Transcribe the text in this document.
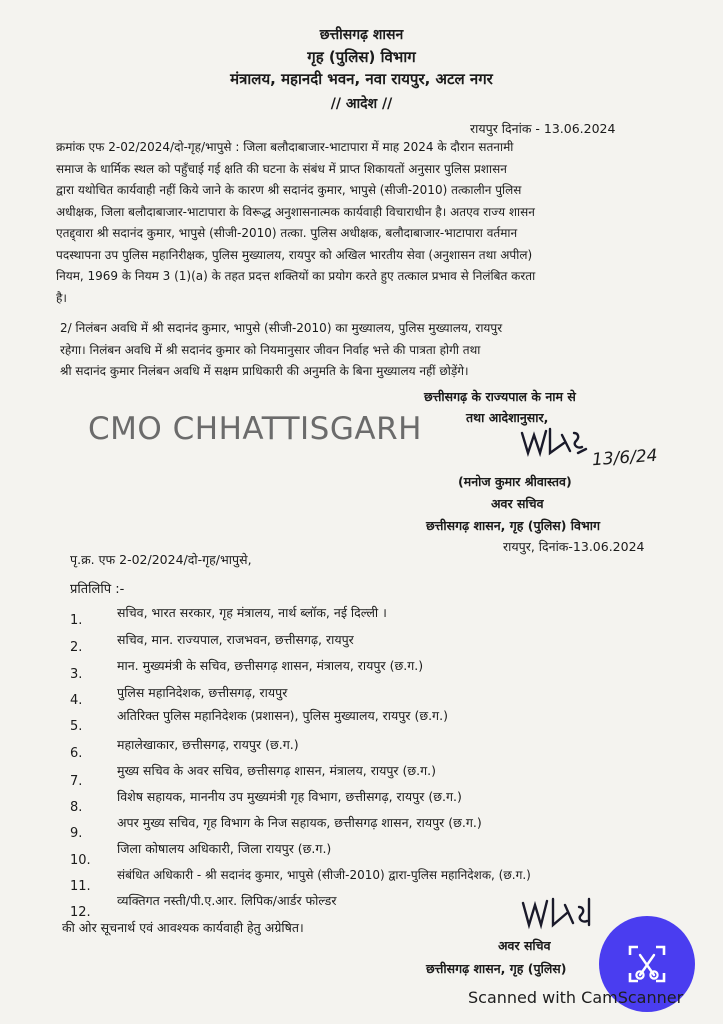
छत्तीसगढ़ शासन
गृह (पुलिस) विभाग
मंत्रालय, महानदी भवन, नवा रायपुर, अटल नगर
// आदेश //
रायपुर दिनांक - 13.06.2024
क्रमांक एफ 2-02/2024/दो-गृह/भापुसे : जिला बलौदाबाजार-भाटापारा में माह 2024 के दौरान सतनामी
समाज के धार्मिक स्थल को पहुँचाई गई क्षति की घटना के संबंध में प्राप्त शिकायतों अनुसार पुलिस प्रशासन
द्वारा यथोचित कार्यवाही नहीं किये जाने के कारण श्री सदानंद कुमार, भापुसे (सीजी-2010) तत्कालीन पुलिस
अधीक्षक, जिला बलौदाबाजार-भाटापारा के विरूद्ध अनुशासनात्मक कार्यवाही विचाराधीन है। अतएव राज्य शासन
एतद्द्वारा श्री सदानंद कुमार, भापुसे (सीजी-2010) तत्का. पुलिस अधीक्षक, बलौदाबाजार-भाटापारा वर्तमान
पदस्थापना उप पुलिस महानिरीक्षक, पुलिस मुख्यालय, रायपुर को अखिल भारतीय सेवा (अनुशासन तथा अपील)
नियम, 1969 के नियम 3 (1)(a) के तहत प्रदत्त शक्तियों का प्रयोग करते हुए तत्काल प्रभाव से निलंबित करता
है।
2/ निलंबन अवधि में श्री सदानंद कुमार, भापुसे (सीजी-2010) का मुख्यालय, पुलिस मुख्यालय, रायपुर
रहेगा। निलंबन अवधि में श्री सदानंद कुमार को नियमानुसार जीवन निर्वाह भत्ते की पात्रता होगी तथा
श्री सदानंद कुमार निलंबन अवधि में सक्षम प्राधिकारी की अनुमति के बिना मुख्यालय नहीं छोड़ेंगे।
छत्तीसगढ़ के राज्यपाल के नाम से
तथा आदेशानुसार,
CMO CHHATTISGARH
13/6/24
(मनोज कुमार श्रीवास्तव)
अवर सचिव
छत्तीसगढ़ शासन, गृह (पुलिस) विभाग
रायपुर, दिनांक-13.06.2024
पृ.क्र. एफ 2-02/2024/दो-गृह/भापुसे,
प्रतिलिपि :-
1.
सचिव, भारत सरकार, गृह मंत्रालय, नार्थ ब्लॉक, नई दिल्ली ।
2.
सचिव, मान. राज्यपाल, राजभवन, छत्तीसगढ़, रायपुर
3.
मान. मुख्यमंत्री के सचिव, छत्तीसगढ़ शासन, मंत्रालय, रायपुर (छ.ग.)
4.
पुलिस महानिदेशक, छत्तीसगढ़, रायपुर
5.
अतिरिक्त पुलिस महानिदेशक (प्रशासन), पुलिस मुख्यालय, रायपुर (छ.ग.)
6.
महालेखाकार, छत्तीसगढ़, रायपुर (छ.ग.)
7.
मुख्य सचिव के अवर सचिव, छत्तीसगढ़ शासन, मंत्रालय, रायपुर (छ.ग.)
8.
विशेष सहायक, माननीय उप मुख्यमंत्री गृह विभाग, छत्तीसगढ़, रायपुर (छ.ग.)
9.
अपर मुख्य सचिव, गृह विभाग के निज सहायक, छत्तीसगढ़ शासन, रायपुर (छ.ग.)
10.
जिला कोषालय अधिकारी, जिला रायपुर (छ.ग.)
11.
संबंधित अधिकारी - श्री सदानंद कुमार, भापुसे (सीजी-2010) द्वारा-पुलिस महानिदेशक, (छ.ग.)
12.
व्यक्तिगत नस्ती/पी.ए.आर. लिपिक/आर्डर फोल्डर
की ओर सूचनार्थ एवं आवश्यक कार्यवाही हेतु अग्रेषित।
अवर सचिव
छत्तीसगढ़ शासन, गृह (पुलिस)
Scanned with CamScanner
